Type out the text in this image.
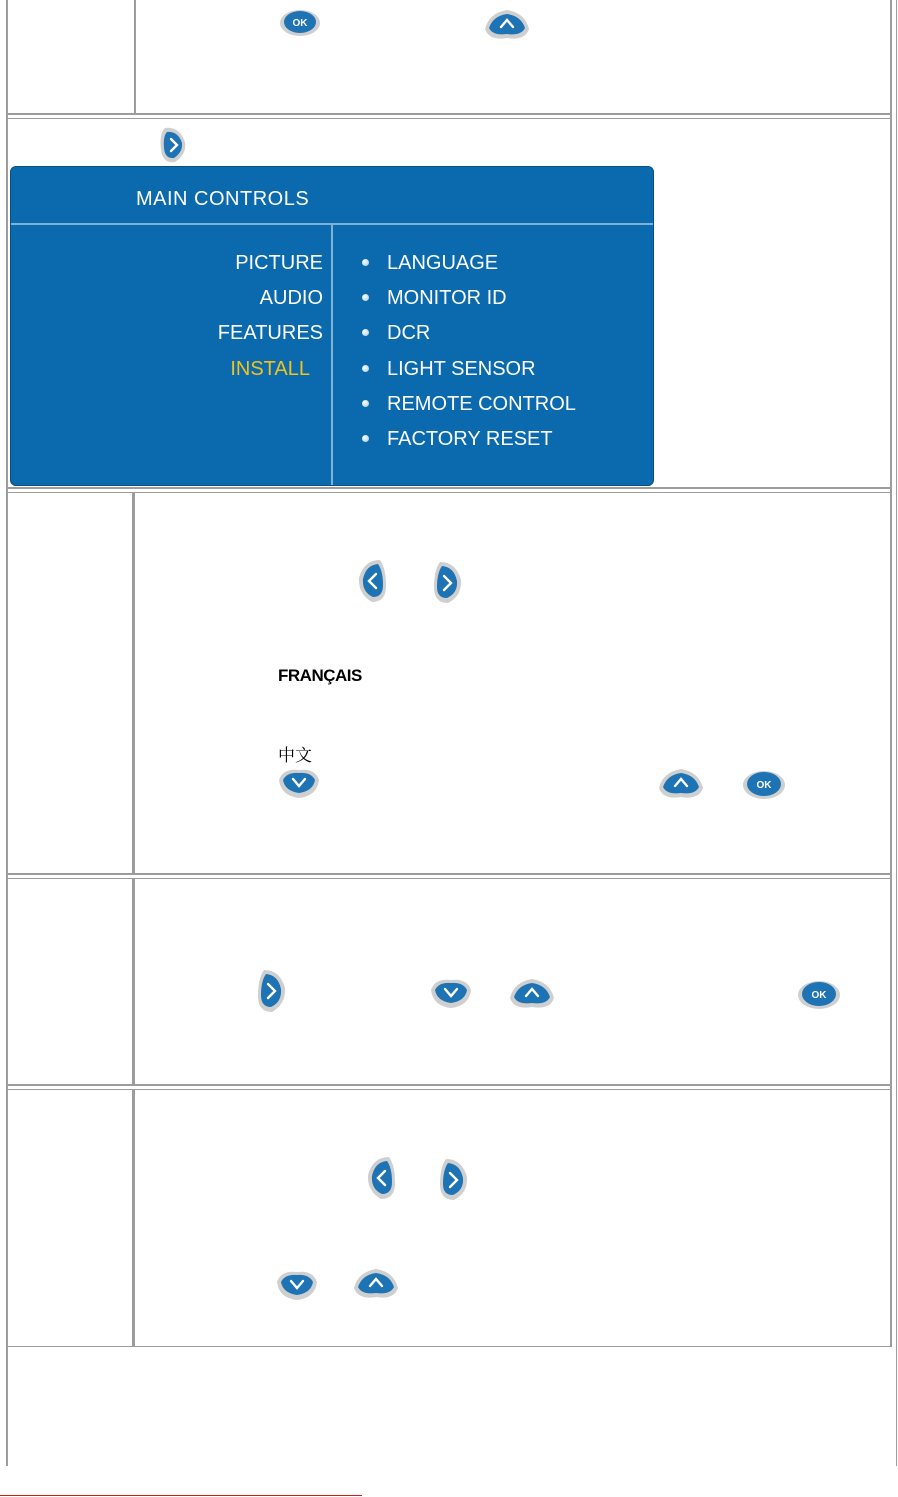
OK
MAIN CONTROLS
PICTURE
AUDIO
FEATURES
INSTALL
LANGUAGE
MONITOR ID
DCR
LIGHT SENSOR
REMOTE CONTROL
FACTORY RESET
FRANÇAIS
中文
OK
OK
